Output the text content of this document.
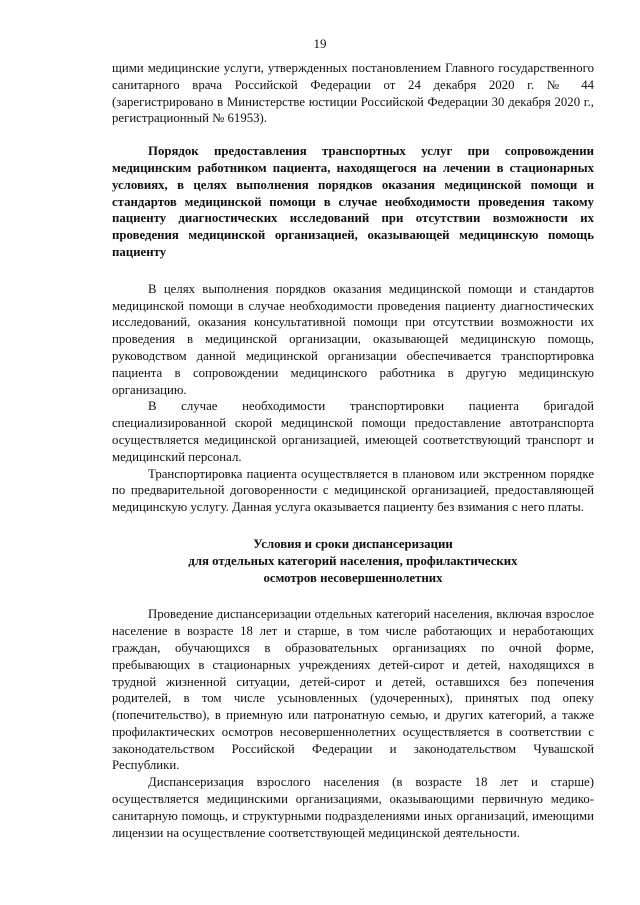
19

щими медицинские услуги, утвержденных постановлением Главного государственного санитарного врача Российской Федерации от 24 декабря 2020 г. № 44 (зарегистрировано в Министерстве юстиции Российской Федерации 30 декабря 2020 г., регистрационный № 61953).

Порядок предоставления транспортных услуг при сопровождении медицинским работником пациента, находящегося на лечении в стационарных условиях, в целях выполнения порядков оказания медицинской помощи и стандартов медицинской помощи в случае необходимости проведения такому пациенту диагностических исследований при отсутствии возможности их проведения медицинской организацией, оказывающей медицинскую помощь пациенту

В целях выполнения порядков оказания медицинской помощи и стандартов медицинской помощи в случае необходимости проведения пациенту диагностических исследований, оказания консультативной помощи при отсутствии возможности их проведения в медицинской организации, оказывающей медицинскую помощь, руководством данной медицинской организации обеспечивается транспортировка пациента в сопровождении медицинского работника в другую медицинскую организацию.

В случае необходимости транспортировки пациента бригадой специализированной скорой медицинской помощи предоставление автотранспорта осуществляется медицинской организацией, имеющей соответствующий транспорт и медицинский персонал.

Транспортировка пациента осуществляется в плановом или экстренном порядке по предварительной договоренности с медицинской организацией, предоставляющей медицинскую услугу. Данная услуга оказывается пациенту без взимания с него платы.

Условия и сроки диспансеризации

для отдельных категорий населения, профилактических

осмотров несовершеннолетних

Проведение диспансеризации отдельных категорий населения, включая взрослое население в возрасте 18 лет и старше, в том числе работающих и неработающих граждан, обучающихся в образовательных организациях по очной форме, пребывающих в стационарных учреждениях детей-сирот и детей, находящихся в трудной жизненной ситуации, детей-сирот и детей, оставшихся без попечения родителей, в том числе усыновленных (удочеренных), принятых под опеку (попечительство), в приемную или патронатную семью, и других категорий, а также профилактических осмотров несовершеннолетних осуществляется в соответствии с законодательством Российской Федерации и законодательством Чувашской Республики.

Диспансеризация взрослого населения (в возрасте 18 лет и старше) осуществляется медицинскими организациями, оказывающими первичную медико-санитарную помощь, и структурными подразделениями иных организаций, имеющими лицензии на осуществление соответствующей медицинской деятельности.
